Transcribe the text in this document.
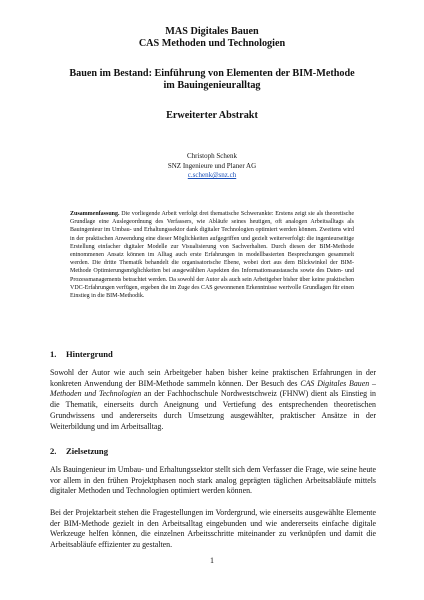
MAS Digitales Bauen
CAS Methoden und Technologien

Bauen im Bestand: Einführung von Elementen der BIM-Methode
im Bauingenieuralltag

Erweiterter Abstrakt

Christoph Schenk
SNZ Ingenieure und Planer AG
c.schenk@snz.ch

Zusammenfassung. Die vorliegende Arbeit verfolgt drei thematische Schwerankte: Erstens zeigt sie als theoretische Grundlage eine Auslegeordnung des Verfassers, wie Abläufe seines heutigen, oft analogen Arbeitsalltags als Bauingenieur im Umbau- und Erhaltungssektor dank digitaler Technologien optimiert werden können. Zweitens wird in der praktischen Anwendung eine dieser Möglichkeiten aufgegriffen und gezielt weiterverfolgt: die ingenieurseitige Erstellung einfacher digitaler Modelle zur Visualisierung von Sachverhalten. Durch diesen der BIM-Methode entnommenen Ansatz können im Alltag auch erste Erfahrungen in modellbasierten Besprechungen gesammelt werden. Die dritte Thematik behandelt die organisatorische Ebene, wobei dort aus dem Blickwinkel der BIM-Methode Optimierungsmöglichkeiten bei ausgewählten Aspekten des Informationsaustauschs sowie des Daten- und Prozessmanagements betrachtet werden. Da sowohl der Autor als auch sein Arbeitgeber bisher über keine praktischen VDC-Erfahrungen verfügen, ergeben die im Zuge des CAS gewonnenen Erkenntnisse wertvolle Grundlagen für einen Einstieg in die BIM-Methodik.

1. Hintergrund

Sowohl der Autor wie auch sein Arbeitgeber haben bisher keine praktischen Erfahrungen in der konkreten Anwendung der BIM-Methode sammeln können. Der Besuch des CAS Digitales Bauen – Methoden und Technologien an der Fachhochschule Nordwestschweiz (FHNW) dient als Einstieg in die Thematik, einerseits durch Aneignung und Vertiefung des entsprechenden theoretischen Grundwissens und andererseits durch Umsetzung ausgewählter, praktischer Ansätze in der Weiterbildung und im Arbeitsalltag.

2. Zielsetzung

Als Bauingenieur im Umbau- und Erhaltungssektor stellt sich dem Verfasser die Frage, wie seine heute vor allem in den frühen Projektphasen noch stark analog geprägten täglichen Arbeitsabläufe mittels digitaler Methoden und Technologien optimiert werden können.

Bei der Projektarbeit stehen die Fragestellungen im Vordergrund, wie einerseits ausgewählte Elemente der BIM-Methode gezielt in den Arbeitsalltag eingebunden und wie andererseits einfache digitale Werkzeuge helfen können, die einzelnen Arbeitsschritte miteinander zu verknüpfen und damit die Arbeitsabläufe effizienter zu gestalten.

1
